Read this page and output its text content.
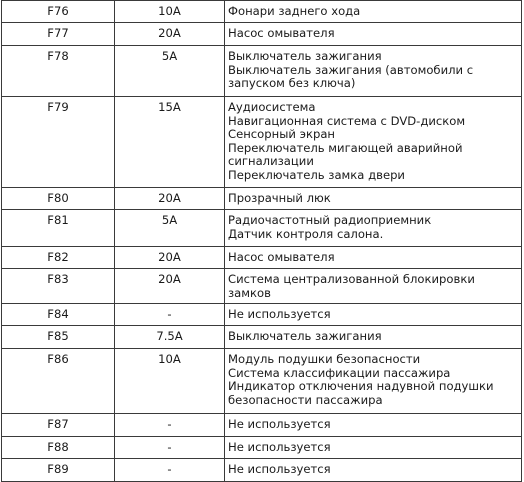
F76	10A	Фонари заднего хода

F77	20A	Насос омывателя

F78	5A	Выключатель зажигания
Выключатель зажигания (автомобили с запуском без ключа)

F79	15A	Аудиосистема
Навигационная система с DVD-диском
Сенсорный экран
Переключатель мигающей аварийной сигнализации
Переключатель замка двери

F80	20A	Прозрачный люк

F81	5A	Радиочастотный радиоприемник
Датчик контроля салона.

F82	20A	Насос омывателя

F83	20A	Система централизованной блокировки замков

F84	-	Не используется

F85	7.5A	Выключатель зажигания

F86	10A	Модуль подушки безопасности
Система классификации пассажира
Индикатор отключения надувной подушки безопасности пассажира

F87	-	Не используется

F88	-	Не используется

F89	-	Не используется
